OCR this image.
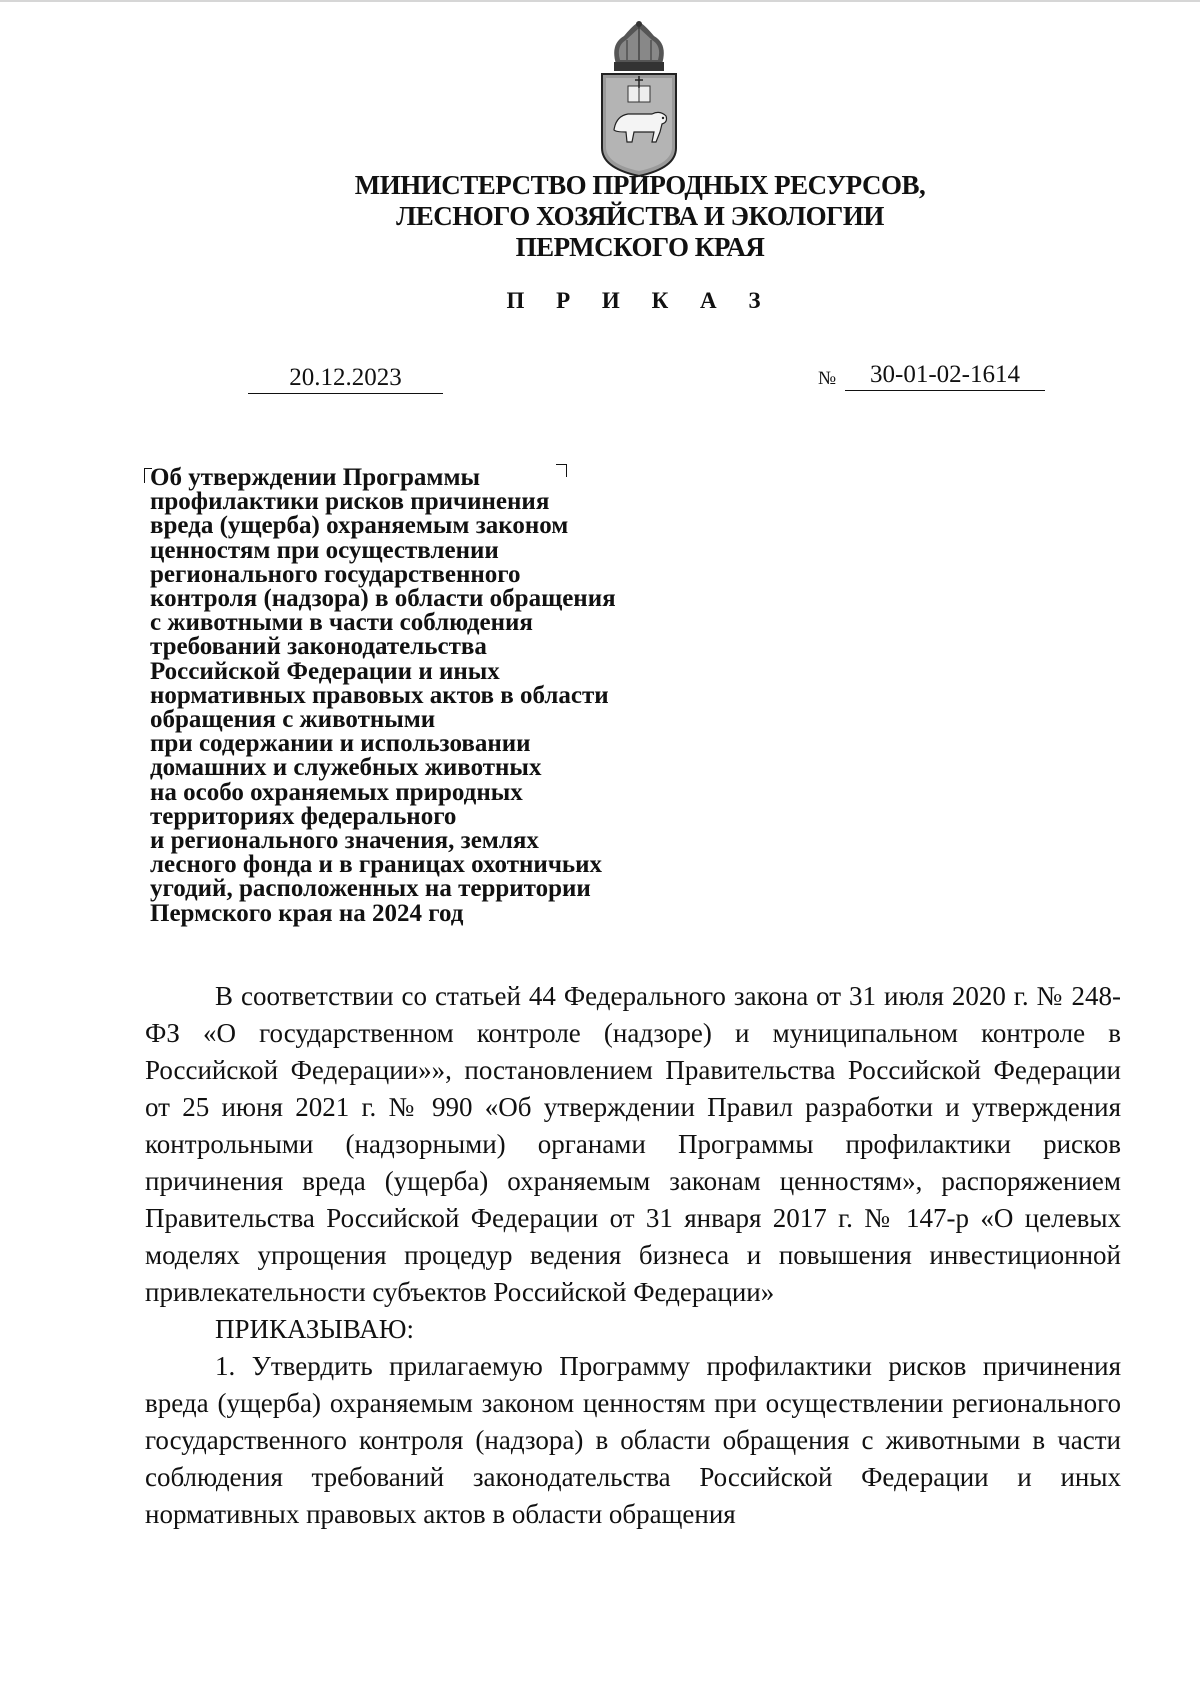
МИНИСТЕРСТВО ПРИРОДНЫХ РЕСУРСОВ,
ЛЕСНОГО ХОЗЯЙСТВА И ЭКОЛОГИИ
ПЕРМСКОГО КРАЯ
П Р И К А З
20.12.2023	№	30-01-02-1614
Об утверждении Программы
профилактики рисков причинения
вреда (ущерба) охраняемым законом
ценностям при осуществлении
регионального государственного
контроля (надзора) в области обращения
с животными в части соблюдения
требований законодательства
Российской Федерации и иных
нормативных правовых актов в области
обращения с животными
при содержании и использовании
домашних и служебных животных
на особо охраняемых природных
территориях федерального
и регионального значения, землях
лесного фонда и в границах охотничьих
угодий, расположенных на территории
Пермского края на 2024 год

В соответствии со статьей 44 Федерального закона от 31 июля 2020 г. № 248-ФЗ «О государственном контроле (надзоре) и муниципальном контроле в Российской Федерации»», постановлением Правительства Российской Федерации от 25 июня 2021 г. № 990 «Об утверждении Правил разработки и утверждения контрольными (надзорными) органами Программы профилактики рисков причинения вреда (ущерба) охраняемым законам ценностям», распоряжением Правительства Российской Федерации от 31 января 2017 г. № 147-р «О целевых моделях упрощения процедур ведения бизнеса и повышения инвестиционной привлекательности субъектов Российской Федерации»

ПРИКАЗЫВАЮ:

1. Утвердить прилагаемую Программу профилактики рисков причинения вреда (ущерба) охраняемым законом ценностям при осуществлении регионального государственного контроля (надзора) в области обращения с животными в части соблюдения требований законодательства Российской Федерации и иных нормативных правовых актов в области обращения
